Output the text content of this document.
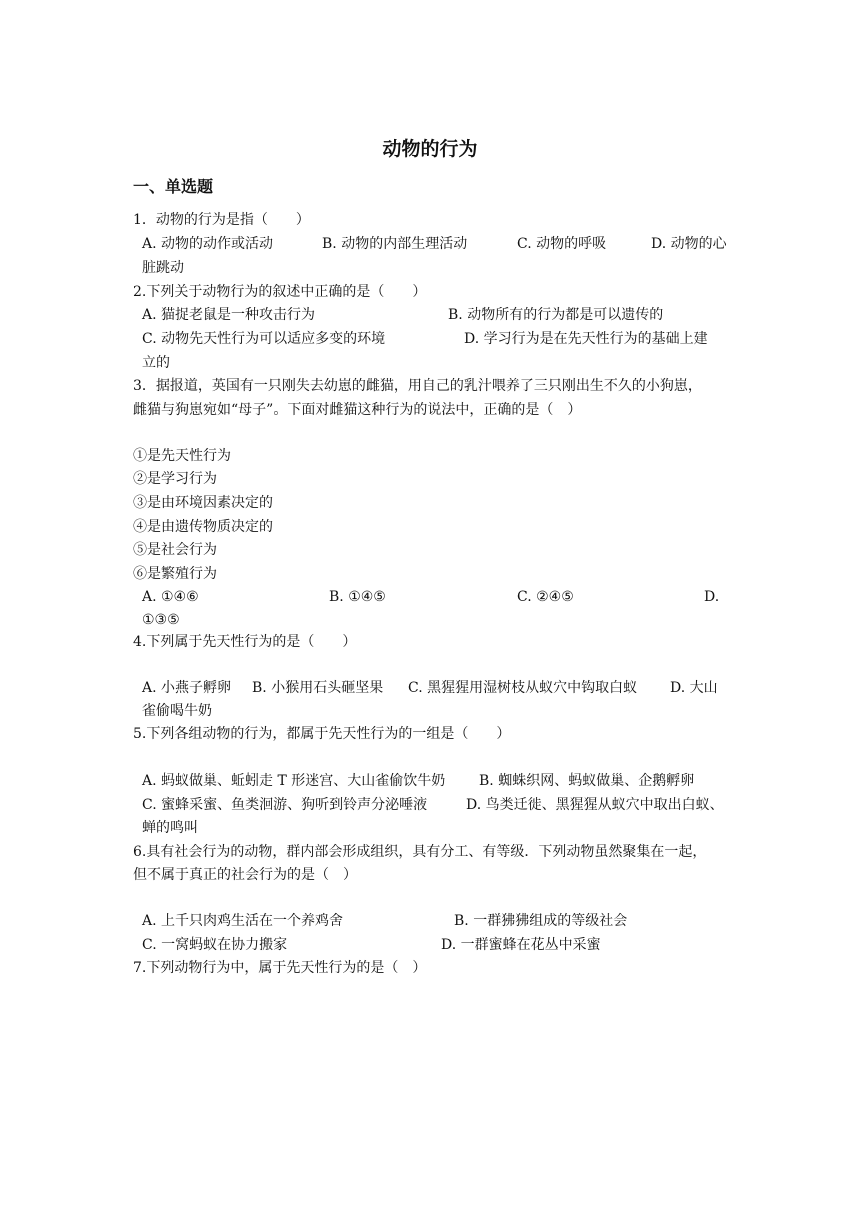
动物的行为
一、单选题
1．动物的行为是指（　　）
A. 动物的动作或活动	B. 动物的内部生理活动	C. 动物的呼吸	D. 动物的心
脏跳动
2.下列关于动物行为的叙述中正确的是（　　）
A. 猫捉老鼠是一种攻击行为	B. 动物所有的行为都是可以遗传的
C. 动物先天性行为可以适应多变的环境	D. 学习行为是在先天性行为的基础上建
立的
3．据报道，英国有一只刚失去幼崽的雌猫，用自己的乳汁喂养了三只刚出生不久的小狗崽，
雌猫与狗崽宛如“母子”。下面对雌猫这种行为的说法中，正确的是（　）
①是先天性行为
②是学习行为
③是由环境因素决定的
④是由遗传物质决定的
⑤是社会行为
⑥是繁殖行为
A. ①④⑥	B. ①④⑤	C. ②④⑤	D.
①③⑤
4.下列属于先天性行为的是（　　）
A. 小燕子孵卵 B. 小猴用石头砸坚果 C. 黑猩猩用湿树枝从蚁穴中钩取白蚁 D. 大山
雀偷喝牛奶
5.下列各组动物的行为，都属于先天性行为的一组是（　　）
A. 蚂蚁做巢、蚯蚓走 T 形迷宫、大山雀偷饮牛奶 B. 蜘蛛织网、蚂蚁做巢、企鹅孵卵
C. 蜜蜂采蜜、鱼类洄游、狗听到铃声分泌唾液	D. 鸟类迁徙、黑猩猩从蚁穴中取出白蚁、
蝉的鸣叫
6.具有社会行为的动物，群内部会形成组织，具有分工、有等级．下列动物虽然聚集在一起，
但不属于真正的社会行为的是（　）
A. 上千只肉鸡生活在一个养鸡舍	B. 一群狒狒组成的等级社会
C. 一窝蚂蚁在协力搬家	D. 一群蜜蜂在花丛中采蜜
7.下列动物行为中，属于先天性行为的是（　）
